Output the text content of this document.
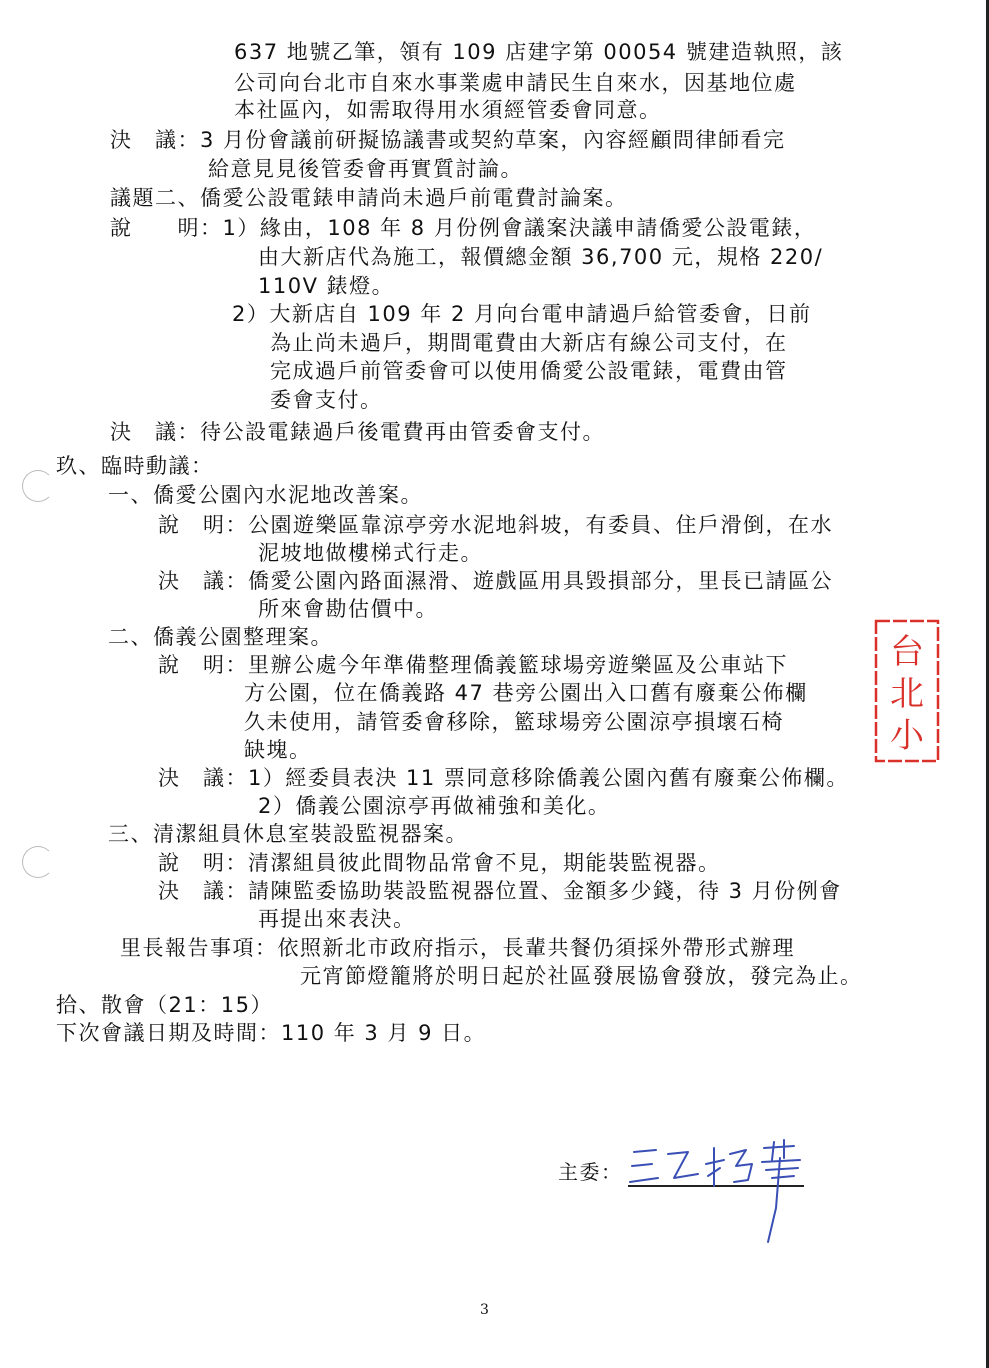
637 地號乙筆，領有 109 店建字第 00054 號建造執照，該
公司向台北市自來水事業處申請民生自來水，因基地位處
本社區內，如需取得用水須經管委會同意。
決　議：3 月份會議前研擬協議書或契約草案，內容經顧問律師看完
給意見見後管委會再實質討論。
議題二、僑愛公設電錶申請尚未過戶前電費討論案。
說　　明：1）緣由，108 年 8 月份例會議案決議申請僑愛公設電錶，
由大新店代為施工，報價總金額 36,700 元，規格 220/
110V 錶燈。
2）大新店自 109 年 2 月向台電申請過戶給管委會，日前
為止尚未過戶，期間電費由大新店有線公司支付，在
完成過戶前管委會可以使用僑愛公設電錶，電費由管
委會支付。
決　議：待公設電錶過戶後電費再由管委會支付。
玖、臨時動議：
一、僑愛公園內水泥地改善案。
說　明：公園遊樂區靠涼亭旁水泥地斜坡，有委員、住戶滑倒，在水
泥坡地做樓梯式行走。
決　議：僑愛公園內路面濕滑、遊戲區用具毀損部分，里長已請區公
所來會勘估價中。
二、僑義公園整理案。
說　明：里辦公處今年準備整理僑義籃球場旁遊樂區及公車站下
方公園，位在僑義路 47 巷旁公園出入口舊有廢棄公佈欄
久未使用，請管委會移除，籃球場旁公園涼亭損壞石椅
缺塊。
決　議：1）經委員表決 11 票同意移除僑義公園內舊有廢棄公佈欄。
2）僑義公園涼亭再做補強和美化。
三、清潔組員休息室裝設監視器案。
說　明：清潔組員彼此間物品常會不見，期能裝監視器。
決　議：請陳監委協助裝設監視器位置、金額多少錢，待 3 月份例會
再提出來表決。
里長報告事項：依照新北市政府指示，長輩共餐仍須採外帶形式辦理
元宵節燈籠將於明日起於社區發展協會發放，發完為止。
拾、散會（21：15）
下次會議日期及時間：110 年 3 月 9 日。
台
北
小
主委：
3
